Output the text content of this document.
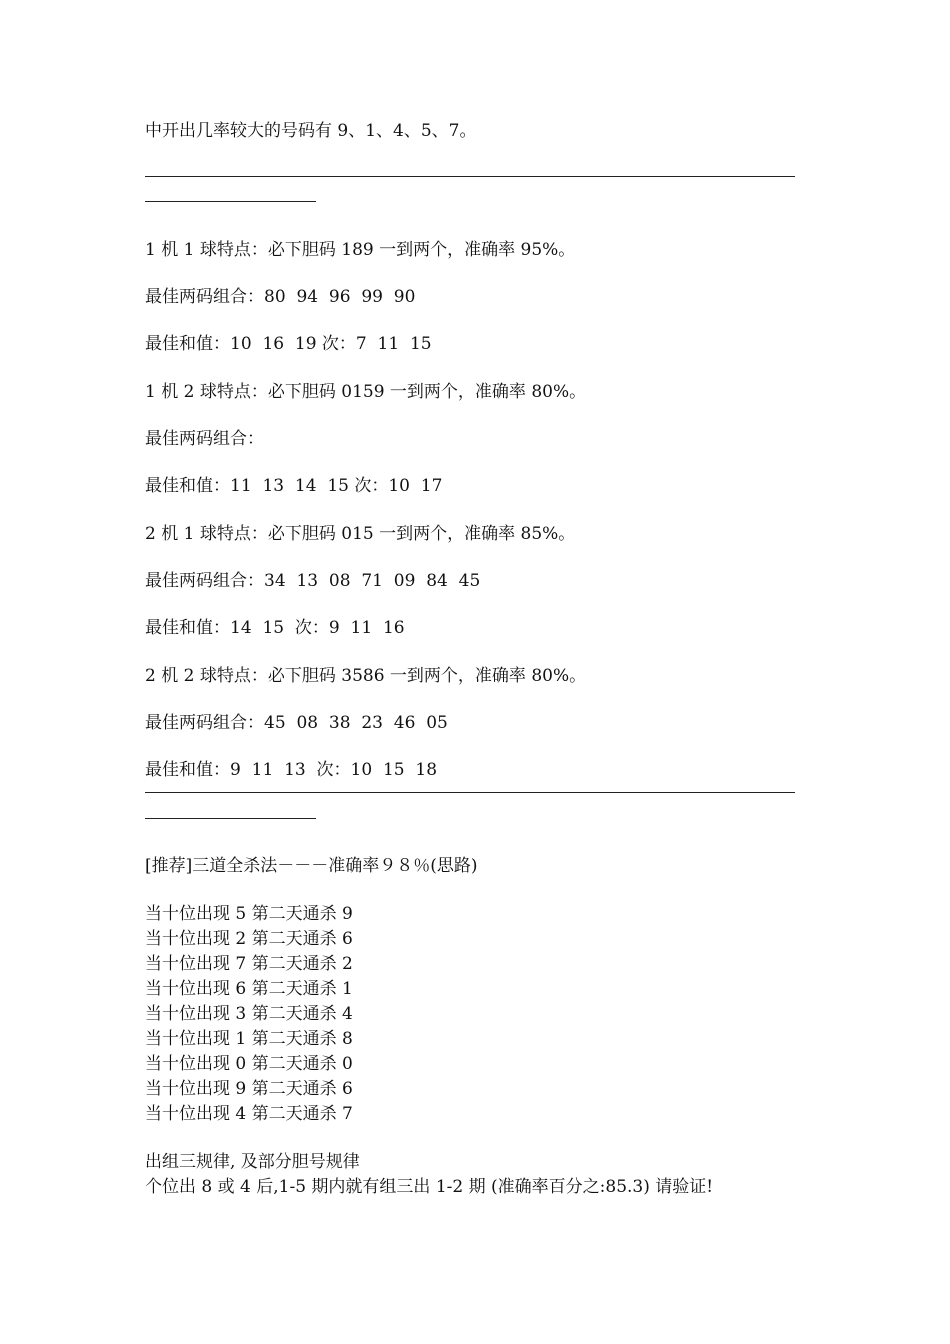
中开出几率较大的号码有 9、1、4、5、7。
1 机 1 球特点：必下胆码 189 一到两个，准确率 95%。
最佳两码组合：80  94  96  99  90
最佳和值：10  16  19 次：7  11  15
1 机 2 球特点：必下胆码 0159 一到两个，准确率 80%。
最佳两码组合：
最佳和值：11  13  14  15 次：10  17
2 机 1 球特点：必下胆码 015 一到两个，准确率 85%。
最佳两码组合：34  13  08  71  09  84  45
最佳和值：14  15  次：9  11  16
2 机 2 球特点：必下胆码 3586 一到两个，准确率 80%。
最佳两码组合：45  08  38  23  46  05
最佳和值：9  11  13  次：10  15  18
[推荐]三道全杀法－－－准确率９８％(思路)
当十位出现 5 第二天通杀 9
当十位出现 2 第二天通杀 6
当十位出现 7 第二天通杀 2
当十位出现 6 第二天通杀 1
当十位出现 3 第二天通杀 4
当十位出现 1 第二天通杀 8
当十位出现 0 第二天通杀 0
当十位出现 9 第二天通杀 6
当十位出现 4 第二天通杀 7
出组三规律, 及部分胆号规律
个位出 8 或 4 后,1-5 期内就有组三出 1-2 期 (准确率百分之:85.3) 请验证!
